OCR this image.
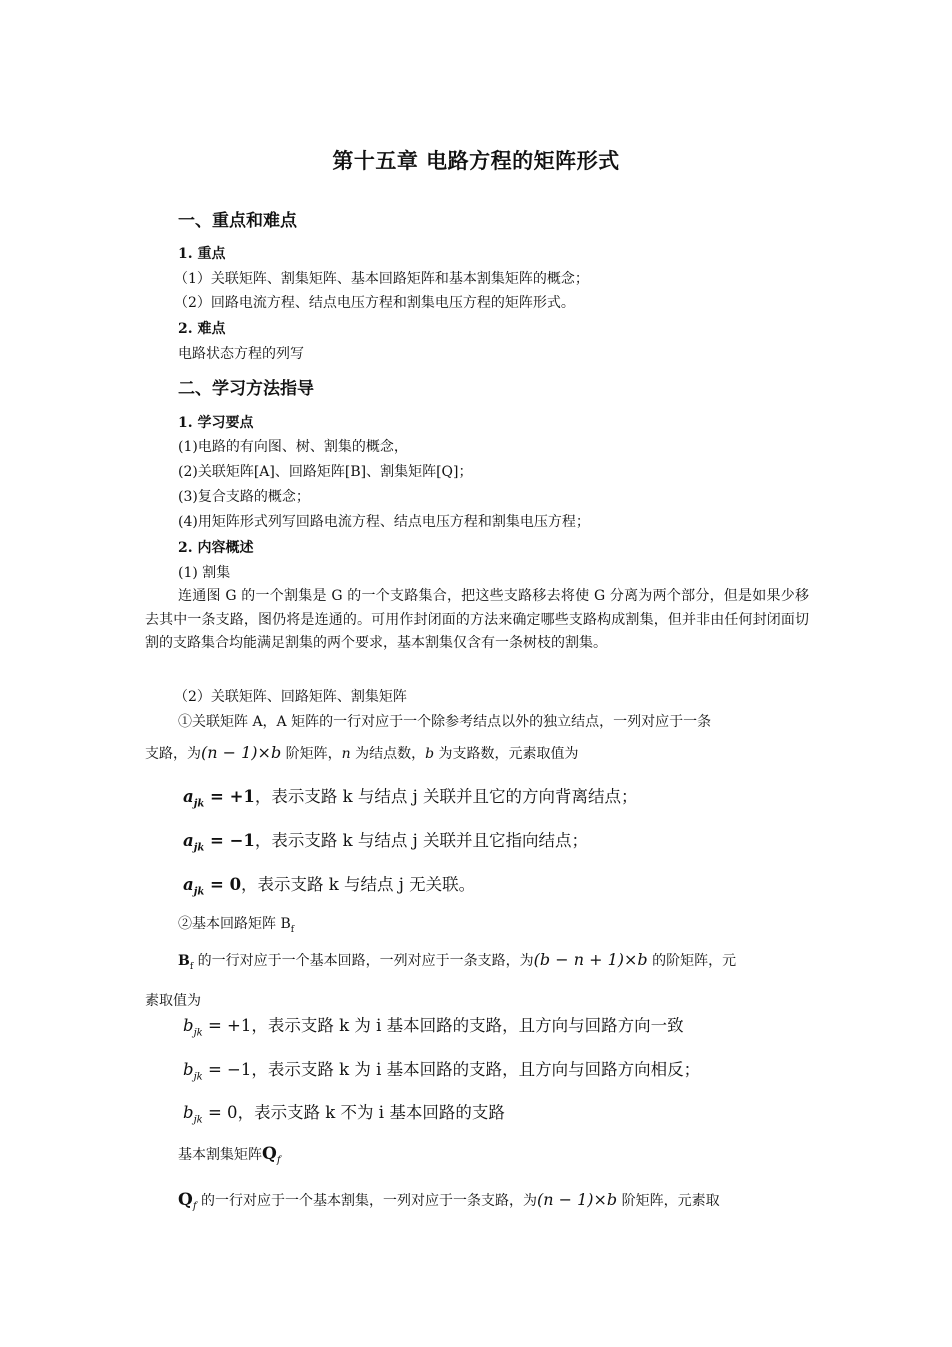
第十五章 电路方程的矩阵形式
一、重点和难点
1. 重点
（1）关联矩阵、割集矩阵、基本回路矩阵和基本割集矩阵的概念；
（2）回路电流方程、结点电压方程和割集电压方程的矩阵形式。
2. 难点
电路状态方程的列写
二、学习方法指导
1. 学习要点
(1)电路的有向图、树、割集的概念，
(2)关联矩阵[A]、回路矩阵[B]、割集矩阵[Q]；
(3)复合支路的概念；
(4)用矩阵形式列写回路电流方程、结点电压方程和割集电压方程；
2. 内容概述
(1) 割集
连通图 G 的一个割集是 G 的一个支路集合，把这些支路移去将使 G 分离为两个部分，但是如果少移去其中一条支路，图仍将是连通的。可用作封闭面的方法来确定哪些支路构成割集，但并非由任何封闭面切割的支路集合均能满足割集的两个要求，基本割集仅含有一条树枝的割集。
（2）关联矩阵、回路矩阵、割集矩阵
①关联矩阵 A，A 矩阵的一行对应于一个除参考结点以外的独立结点，一列对应于一条
支路，为(n − 1)×b 阶矩阵，n 为结点数，b 为支路数，元素取值为
$a_{jk} = +1$，表示支路 k 与结点 j 关联并且它的方向背离结点；
$a_{jk} = -1$，表示支路 k 与结点 j 关联并且它指向结点；
$a_{jk} = 0$，表示支路 k 与结点 j 无关联。
②基本回路矩阵 $B_f$
$B_f$ 的一行对应于一个基本回路，一列对应于一条支路，为(b − n + 1)×b 的阶矩阵，元
素取值为
$b_{jk} = +1$，表示支路 k 为 i 基本回路的支路，且方向与回路方向一致
$b_{jk} = -1$，表示支路 k 为 i 基本回路的支路，且方向与回路方向相反；
$b_{jk} = 0$，表示支路 k 不为 i 基本回路的支路
基本割集矩阵$Q_f$
$Q_f$ 的一行对应于一个基本割集，一列对应于一条支路，为(n − 1)×b 阶矩阵，元素取
